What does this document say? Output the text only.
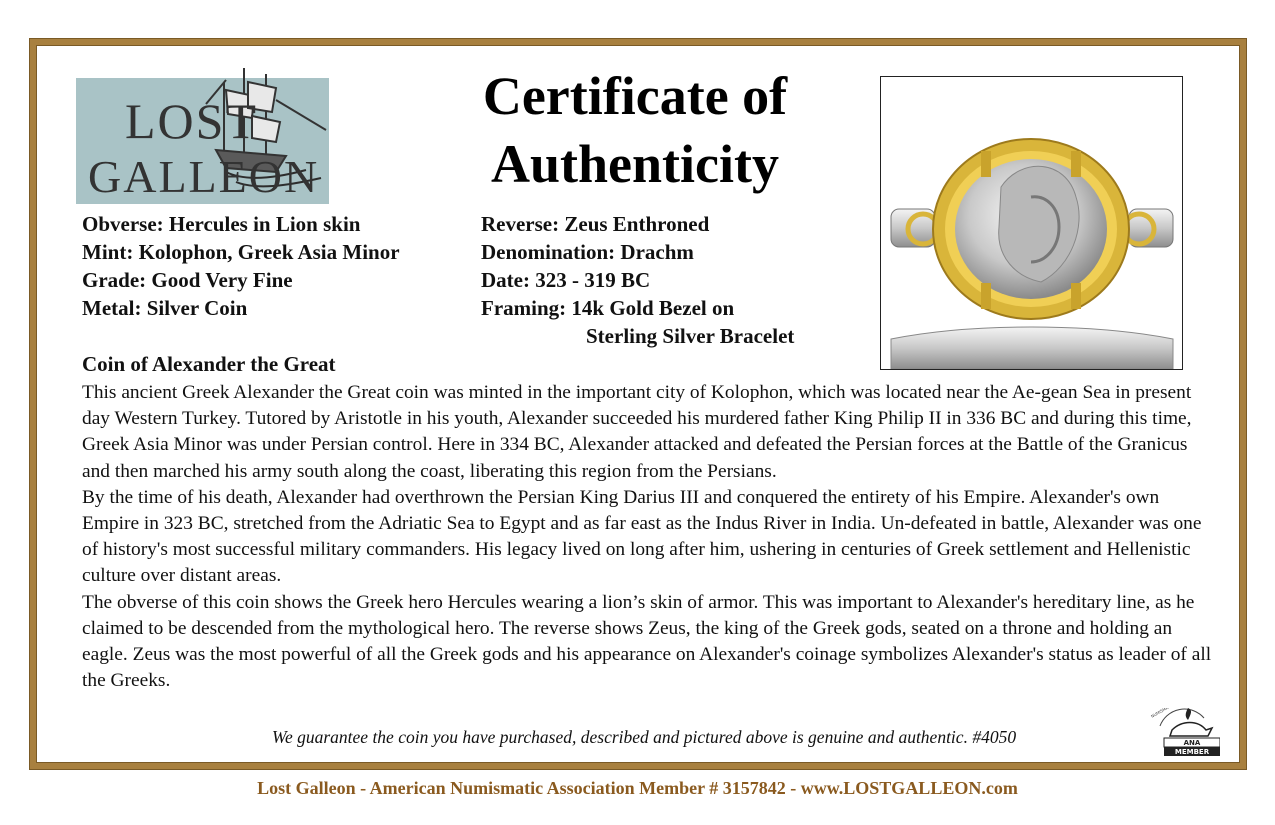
LOST
GALLEON
Certificate of
Authenticity
Obverse: Hercules in Lion skin
Mint: Kolophon, Greek Asia Minor
Grade: Good Very Fine
Metal: Silver Coin
Reverse: Zeus Enthroned
Denomination: Drachm
Date: 323 - 319 BC
Framing: 14k Gold Bezel on
Sterling Silver Bracelet
Coin of Alexander the Great

This ancient Greek Alexander the Great coin was minted in the important city of Kolophon, which was located near the Ae-gean Sea in present day Western Turkey. Tutored by Aristotle in his youth, Alexander succeeded his murdered father King Philip II in 336 BC and during this time, Greek Asia Minor was under Persian control. Here in 334 BC, Alexander attacked and defeated the Persian forces at the Battle of the Granicus and then marched his army south along the coast, liberating this region from the Persians.

By the time of his death, Alexander had overthrown the Persian King Darius III and conquered the entirety of his Empire. Alexander's own Empire in 323 BC, stretched from the Adriatic Sea to Egypt and as far east as the Indus River in India. Un-defeated in battle, Alexander was one of history's most successful military commanders. His legacy lived on long after him, ushering in centuries of Greek settlement and Hellenistic culture over distant areas.

The obverse of this coin shows the Greek hero Hercules wearing a lion’s skin of armor. This was important to Alexander's hereditary line, as he claimed to be descended from the mythological hero. The reverse shows Zeus, the king of the Greek gods, seated on a throne and holding an eagle. Zeus was the most powerful of all the Greek gods and his appearance on Alexander's coinage symbolizes Alexander's status as leader of all the Greeks.

We guarantee the coin you have purchased, described and pictured above is genuine and authentic. #4050	ANA
MEMBER
NUMISMATIC
Lost Galleon - American Numismatic Association Member # 3157842 - www.LOSTGALLEON.com
